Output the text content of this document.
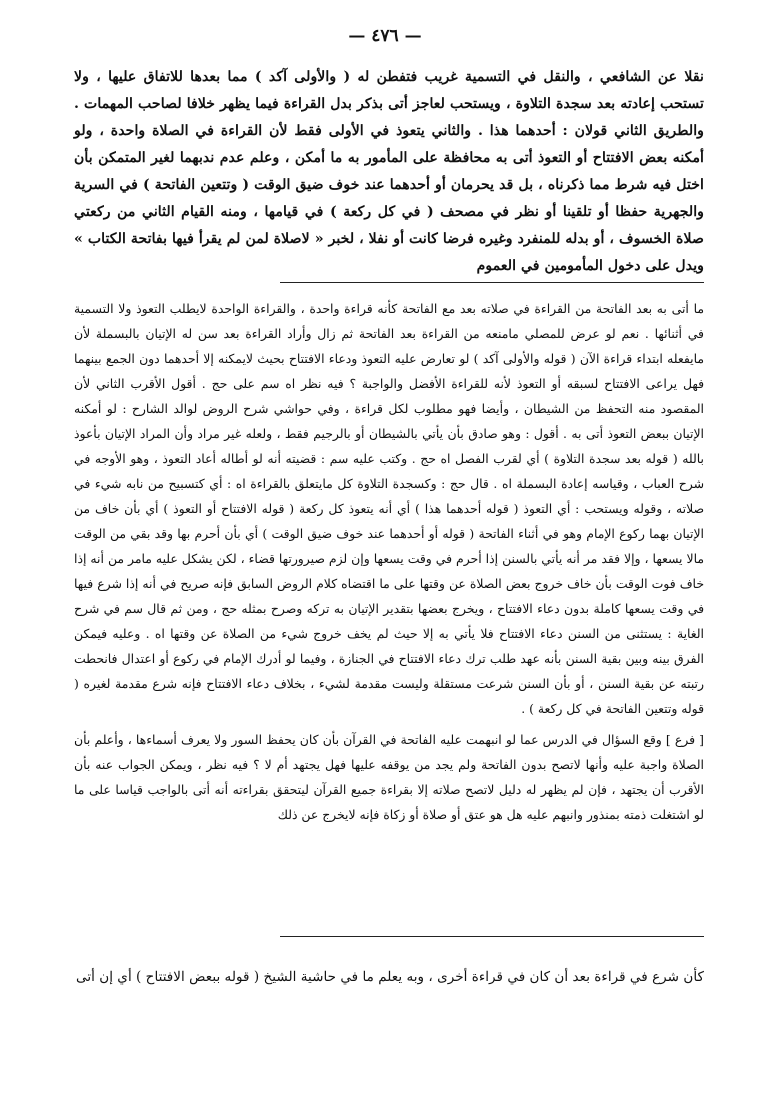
— ٤٧٦ —

نقلا عن الشافعي ، والنقل في التسمية غريب فتفطن له ( والأولى آكد ) مما بعدها للاتفاق عليها ، ولا تستحب إعادته بعد سجدة التلاوة ، ويستحب لعاجز أتى بذكر بدل القراءة فيما يظهر خلافا لصاحب المهمات . والطريق الثاني قولان : أحدهما هذا . والثاني يتعوذ في الأولى فقط لأن القراءة في الصلاة واحدة ، ولو أمكنه بعض الافتتاح أو التعوذ أتى به محافظة على المأمور به ما أمكن ، وعلم عدم ندبهما لغير المتمكن بأن اختل فيه شرط مما ذكرناه ، بل قد يحرمان أو أحدهما عند خوف ضيق الوقت ( وتتعين الفاتحة ) في السرية والجهرية حفظا أو تلقينا أو نظر في مصحف ( في كل ركعة ) في قيامها ، ومنه القيام الثاني من ركعتي صلاة الخسوف ، أو بدله للمنفرد وغيره فرضا كانت أو نفلا ، لخبر « لاصلاة لمن لم يقرأ فيها بفاتحة الكتاب » ويدل على دخول المأمومين في العموم

ما أتى به بعد الفاتحة من القراءة في صلاته بعد مع الفاتحة كأنه قراءة واحدة ، والقراءة الواحدة لايطلب التعوذ ولا التسمية في أثنائها . نعم لو عرض للمصلي مامنعه من القراءة بعد الفاتحة ثم زال وأراد القراءة بعد سن له الإتيان بالبسملة لأن مايفعله ابتداء قراءة الآن ( قوله والأولى آكد ) لو تعارض عليه التعوذ ودعاء الافتتاح بحيث لايمكنه إلا أحدهما دون الجمع بينهما فهل يراعى الافتتاح لسبقه أو التعوذ لأنه للقراءة الأفضل والواجبة ؟ فيه نظر اه سم على حج . أقول الأقرب الثاني لأن المقصود منه التحفظ من الشيطان ، وأيضا فهو مطلوب لكل قراءة ، وفي حواشي شرح الروض لوالد الشارح : لو أمكنه الإتيان ببعض التعوذ أتى به . أقول : وهو صادق بأن يأتي بالشيطان أو بالرجيم فقط ، ولعله غير مراد وأن المراد الإتيان بأعوذ بالله ( قوله بعد سجدة التلاوة ) أي لقرب الفصل اه حج . وكتب عليه سم : قضيته أنه لو أطاله أعاد التعوذ ، وهو الأوجه في شرح العباب ، وقياسه إعادة البسملة اه . قال حج : وكسجدة التلاوة كل مايتعلق بالقراءة اه : أي كتسبيح من نابه شيء في صلاته ، وقوله ويستحب : أي التعوذ ( قوله أحدهما هذا ) أي أنه يتعوذ كل ركعة ( قوله الافتتاح أو التعوذ ) أي بأن خاف من الإتيان بهما ركوع الإمام وهو في أثناء الفاتحة ( قوله أو أحدهما عند خوف ضيق الوقت ) أي بأن أحرم بها وقد بقي من الوقت مالا يسعها ، وإلا فقد مر أنه يأتي بالسنن إذا أحرم في وقت يسعها وإن لزم صيرورتها قضاء ، لكن يشكل عليه مامر من أنه إذا خاف فوت الوقت بأن خاف خروج بعض الصلاة عن وقتها على ما اقتضاه كلام الروض السابق فإنه صريح في أنه إذا شرع فيها في وقت يسعها كاملة بدون دعاء الافتتاح ، ويخرج بعضها بتقدير الإتيان به تركه وصرح بمثله حج ، ومن ثم قال سم في شرح الغاية : يستثنى من السنن دعاء الافتتاح فلا يأتي به إلا حيث لم يخف خروج شيء من الصلاة عن وقتها اه . وعليه فيمكن الفرق بينه وبين بقية السنن بأنه عهد طلب ترك دعاء الافتتاح في الجنازة ، وفيما لو أدرك الإمام في ركوع أو اعتدال فانحطت رتبته عن بقية السنن ، أو بأن السنن شرعت مستقلة وليست مقدمة لشيء ، بخلاف دعاء الافتتاح فإنه شرع مقدمة لغيره ( قوله وتتعين الفاتحة في كل ركعة ) .

[ فرع ] وقع السؤال في الدرس عما لو انبهمت عليه الفاتحة في القرآن بأن كان يحفظ السور ولا يعرف أسماءها ، وأعلم بأن الصلاة واجبة عليه وأنها لاتصح بدون الفاتحة ولم يجد من يوقفه عليها فهل يجتهد أم لا ؟ فيه نظر ، ويمكن الجواب عنه بأن الأقرب أن يجتهد ، فإن لم يظهر له دليل لاتصح صلاته إلا بقراءة جميع القرآن ليتحقق بقراءته أنه أتى بالواجب قياسا على ما لو اشتغلت ذمته بمنذور وانبهم عليه هل هو عتق أو صلاة أو زكاة فإنه لايخرج عن ذلك

كأن شرع في قراءة بعد أن كان في قراءة أخرى ، وبه يعلم ما في حاشية الشيخ ( قوله ببعض الافتتاح ) أي إن أتى
